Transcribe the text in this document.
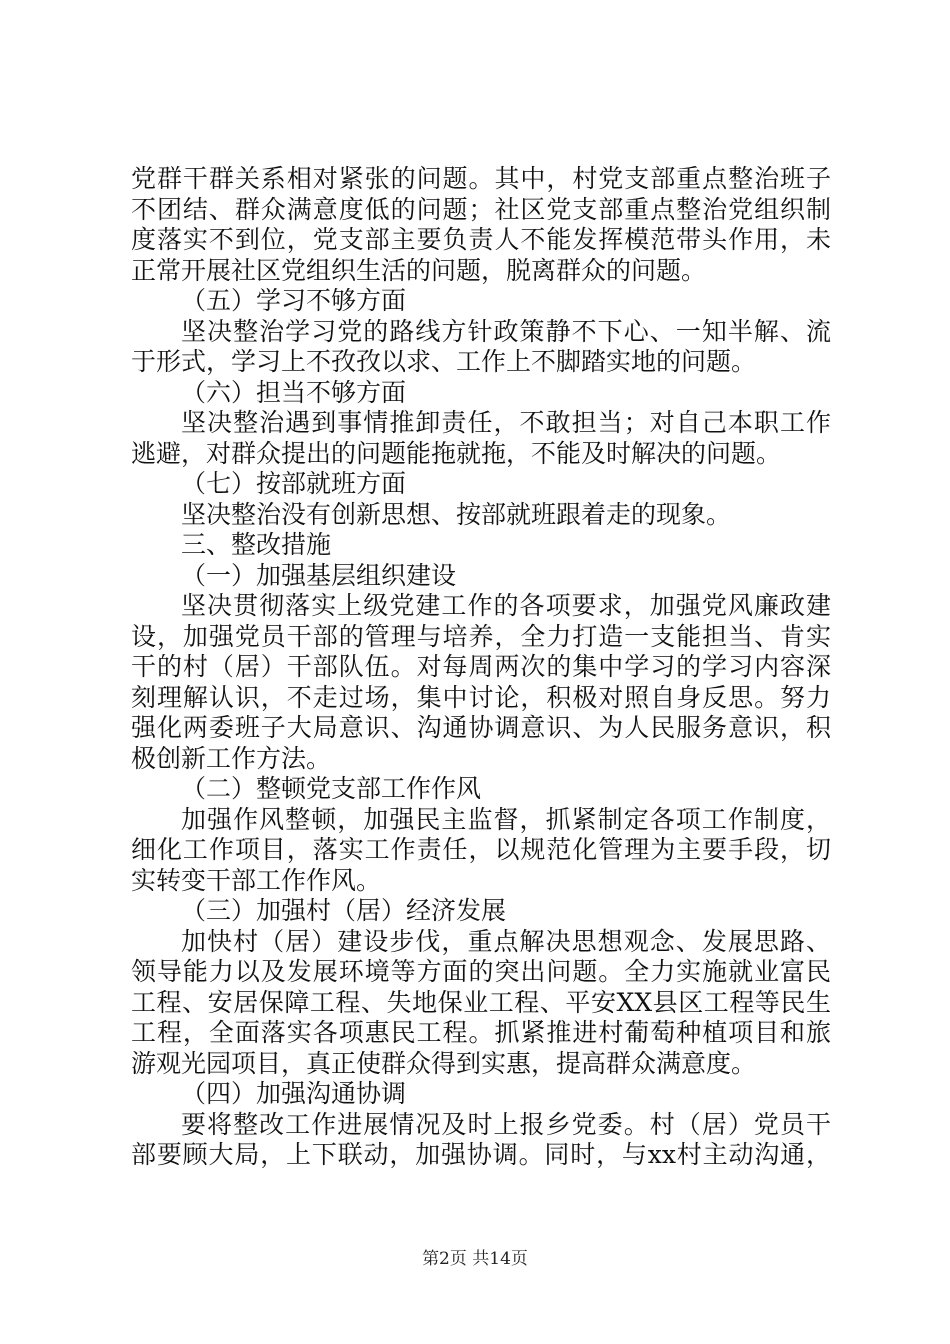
党群干群关系相对紧张的问题。其中，村党支部重点整治班子
不团结、群众满意度低的问题；社区党支部重点整治党组织制
度落实不到位，党支部主要负责人不能发挥模范带头作用，未
正常开展社区党组织生活的问题，脱离群众的问题。
（五）学习不够方面
坚决整治学习党的路线方针政策静不下心、一知半解、流
于形式，学习上不孜孜以求、工作上不脚踏实地的问题。
（六）担当不够方面
坚决整治遇到事情推卸责任，不敢担当；对自己本职工作
逃避，对群众提出的问题能拖就拖，不能及时解决的问题。
（七）按部就班方面
坚决整治没有创新思想、按部就班跟着走的现象。
三、整改措施
（一）加强基层组织建设
坚决贯彻落实上级党建工作的各项要求，加强党风廉政建
设，加强党员干部的管理与培养，全力打造一支能担当、肯实
干的村（居）干部队伍。对每周两次的集中学习的学习内容深
刻理解认识，不走过场，集中讨论，积极对照自身反思。努力
强化两委班子大局意识、沟通协调意识、为人民服务意识，积
极创新工作方法。
（二）整顿党支部工作作风
加强作风整顿，加强民主监督，抓紧制定各项工作制度，
细化工作项目，落实工作责任，以规范化管理为主要手段，切
实转变干部工作作风。
（三）加强村（居）经济发展
加快村（居）建设步伐，重点解决思想观念、发展思路、
领导能力以及发展环境等方面的突出问题。全力实施就业富民
工程、安居保障工程、失地保业工程、平安XX县区工程等民生
工程，全面落实各项惠民工程。抓紧推进村葡萄种植项目和旅
游观光园项目，真正使群众得到实惠，提高群众满意度。
（四）加强沟通协调
要将整改工作进展情况及时上报乡党委。村（居）党员干
部要顾大局，上下联动，加强协调。同时，与xx村主动沟通，
第2页 共14页
